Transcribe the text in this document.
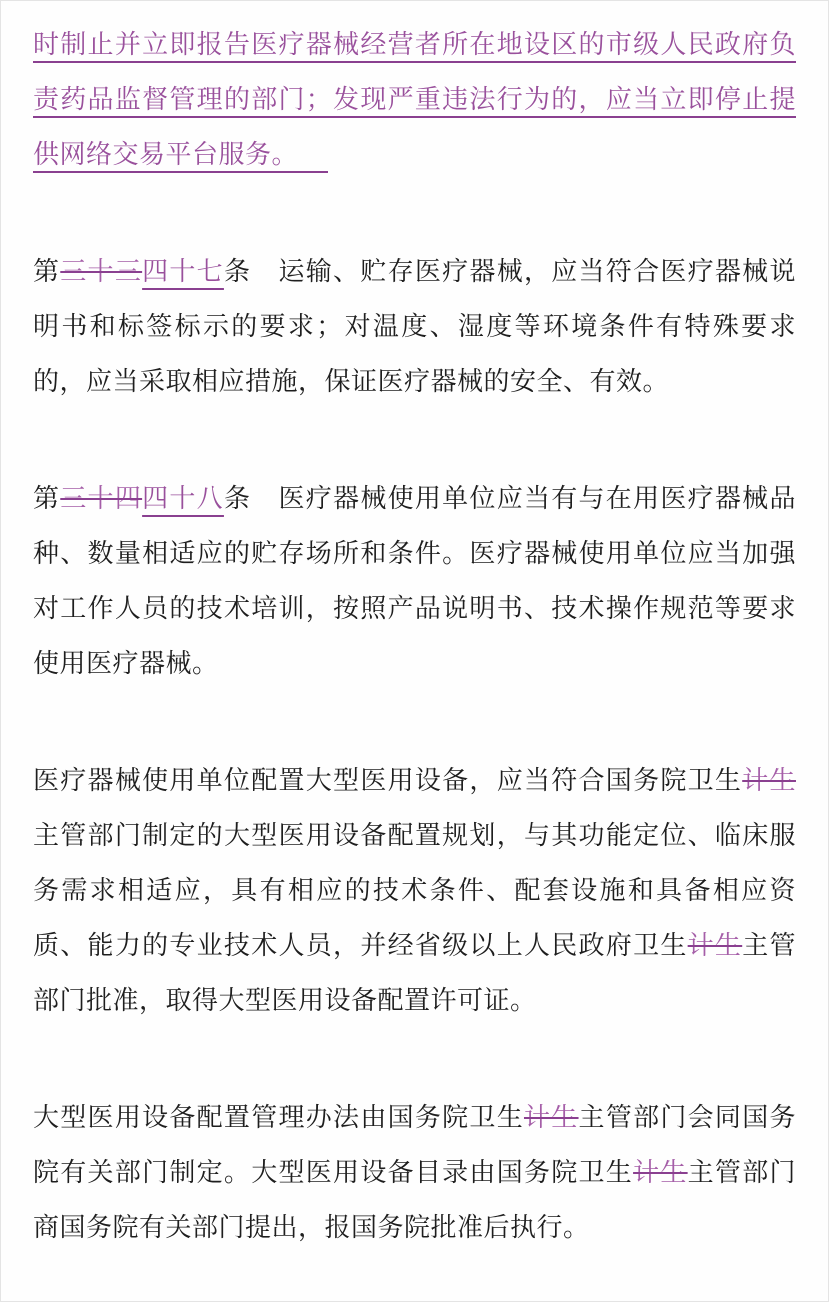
时制止并立即报告医疗器械经营者所在地设区的市级人民政府负责药品监督管理的部门；发现严重违法行为的，应当立即停止提供网络交易平台服务。

第三十三四十七条　运输、贮存医疗器械，应当符合医疗器械说明书和标签标示的要求；对温度、湿度等环境条件有特殊要求的，应当采取相应措施，保证医疗器械的安全、有效。

第三十四四十八条　医疗器械使用单位应当有与在用医疗器械品种、数量相适应的贮存场所和条件。医疗器械使用单位应当加强对工作人员的技术培训，按照产品说明书、技术操作规范等要求使用医疗器械。

医疗器械使用单位配置大型医用设备，应当符合国务院卫生计生主管部门制定的大型医用设备配置规划，与其功能定位、临床服务需求相适应，具有相应的技术条件、配套设施和具备相应资质、能力的专业技术人员，并经省级以上人民政府卫生计生主管部门批准，取得大型医用设备配置许可证。

大型医用设备配置管理办法由国务院卫生计生主管部门会同国务院有关部门制定。大型医用设备目录由国务院卫生计生主管部门商国务院有关部门提出，报国务院批准后执行。
